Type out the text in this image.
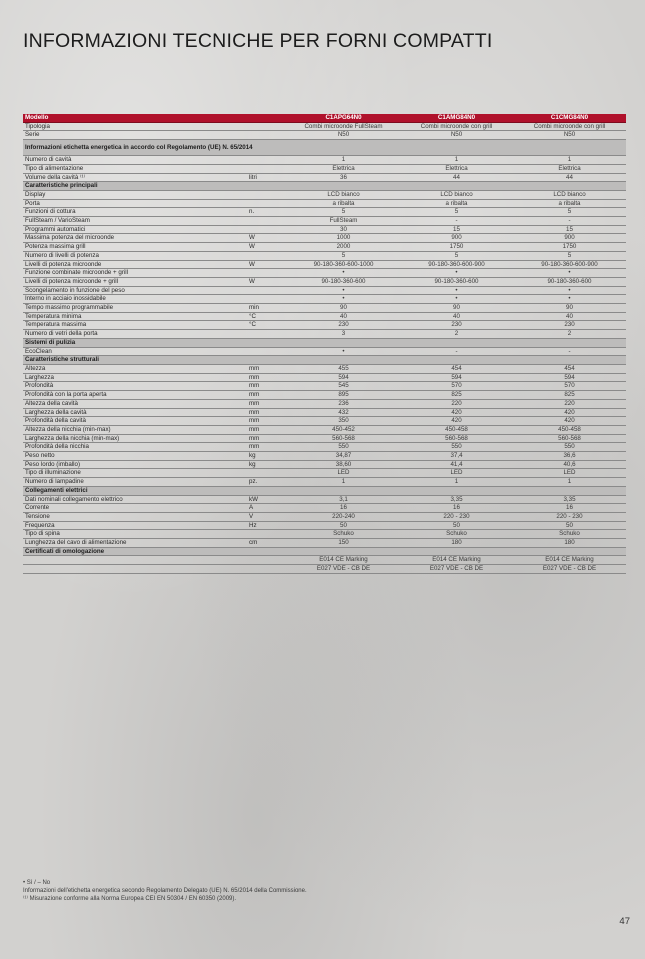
INFORMAZIONI TECNICHE PER FORNI COMPATTI
Modello		C1APG64N0	C1AMG84N0	C1CMG84N0
Tipologia		Combi microonde FullSteam	Combi microonde con grill	Combi microonde con grill
Serie		N50	N50	N50
Informazioni etichetta energetica in accordo col Regolamento (UE) N. 65/2014				
Numero di cavità		1	1	1
Tipo di alimentazione		Elettrica	Elettrica	Elettrica
Volume della cavità ⁽¹⁾	litri	36	44	44
Caratteristiche principali				
Display		LCD bianco	LCD bianco	LCD bianco
Porta		a ribalta	a ribalta	a ribalta
Funzioni di cottura	n.	5	5	5
FullSteam / VarioSteam		FullSteam	-	-
Programmi automatici		30	15	15
Massima potenza del microonde	W	1000	900	900
Potenza massima grill	W	2000	1750	1750
Numero di livelli di potenza		5	5	5
Livelli di potenza microonde	W	90-180-360-600-1000	90-180-360-600-900	90-180-360-600-900
Funzione combinate microonde + grill		•	•	•
Livelli di potenza microonde + grill	W	90-180-360-600	90-180-360-600	90-180-360-600
Scongelamento in funzione del peso		•	•	•
Interno in acciaio inossidabile		•	•	•
Tempo massimo programmabile	min	90	90	90
Temperatura minima	°C	40	40	40
Temperatura massima	°C	230	230	230
Numero di vetri della porta		3	2	2
Sistemi di pulizia				
EcoClean		•	-	-
Caratteristiche strutturali				
Altezza	mm	455	454	454
Larghezza	mm	594	594	594
Profondità	mm	545	570	570
Profondità con la porta aperta	mm	895	825	825
Altezza della cavità	mm	236	220	220
Larghezza della cavità	mm	432	420	420
Profondità della cavità	mm	350	420	420
Altezza della nicchia (min-max)	mm	450-452	450-458	450-458
Larghezza della nicchia (min-max)	mm	560-568	560-568	560-568
Profondità della nicchia	mm	550	550	550
Peso netto	kg	34,87	37,4	36,6
Peso lordo (imballo)	kg	38,60	41,4	40,6
Tipo di illuminazione		LED	LED	LED
Numero di lampadine	pz.	1	1	1
Collegamenti elettrici				
Dati nominali collegamento elettrico	kW	3,1	3,35	3,35
Corrente	A	16	16	16
Tensione	V	220-240	220 - 230	220 - 230
Frequenza	Hz	50	50	50
Tipo di spina		Schuko	Schuko	Schuko
Lunghezza del cavo di alimentazione	cm	150	180	180
Certificati di omologazione				
		E014 CE Marking	E014 CE Marking	E014 CE Marking
		E027 VDE - CB DE	E027 VDE - CB DE	E027 VDE - CB DE
• Sì / – No
Informazioni dell'etichetta energetica secondo Regolamento Delegato (UE) N. 65/2014 della Commissione.
⁽¹⁾ Misurazione conforme alla Norma Europea CEI EN 50304 / EN 60350 (2009).
47
